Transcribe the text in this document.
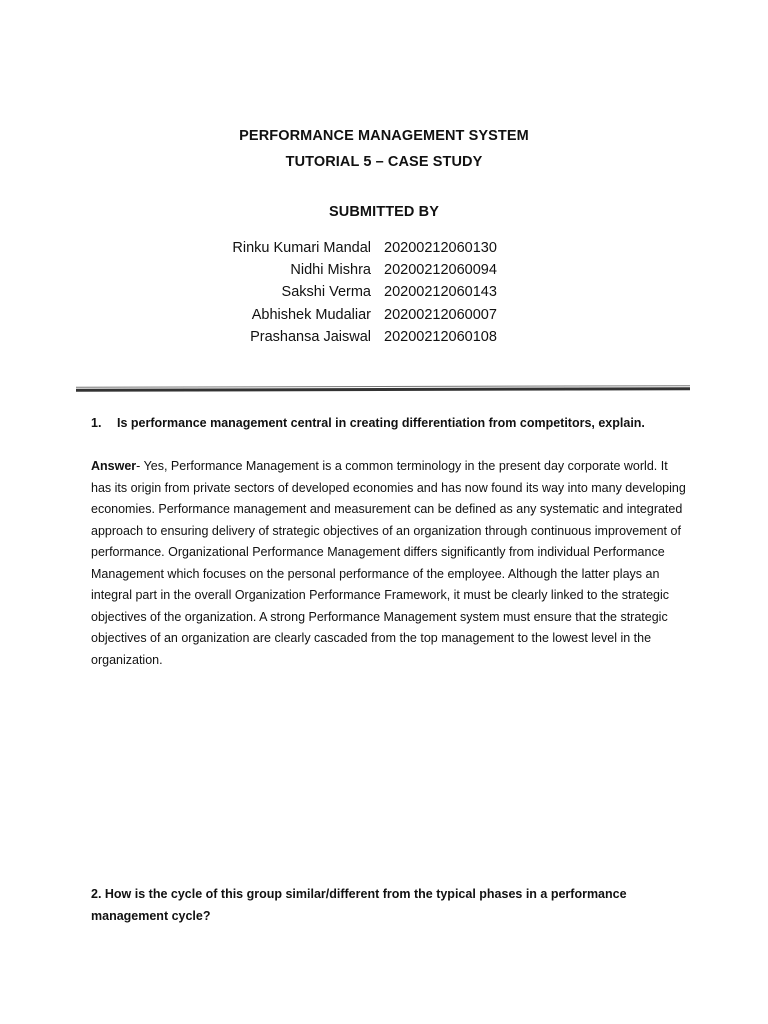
PERFORMANCE MANAGEMENT SYSTEM
TUTORIAL 5 – CASE STUDY
SUBMITTED BY
Rinku Kumari Mandal 20200212060130
Nidhi Mishra 20200212060094
Sakshi Verma 20200212060143
Abhishek Mudaliar 20200212060007
Prashansa Jaiswal 20200212060108
1. Is performance management central in creating differentiation from competitors, explain.
Answer- Yes, Performance Management is a common terminology in the present day corporate world. It has its origin from private sectors of developed economies and has now found its way into many developing economies. Performance management and measurement can be defined as any systematic and integrated approach to ensuring delivery of strategic objectives of an organization through continuous improvement of performance. Organizational Performance Management differs significantly from individual Performance Management which focuses on the personal performance of the employee. Although the latter plays an integral part in the overall Organization Performance Framework, it must be clearly linked to the strategic objectives of the organization. A strong Performance Management system must ensure that the strategic objectives of an organization are clearly cascaded from the top management to the lowest level in the organization.
2. How is the cycle of this group similar/different from the typical phases in a performance management cycle?
